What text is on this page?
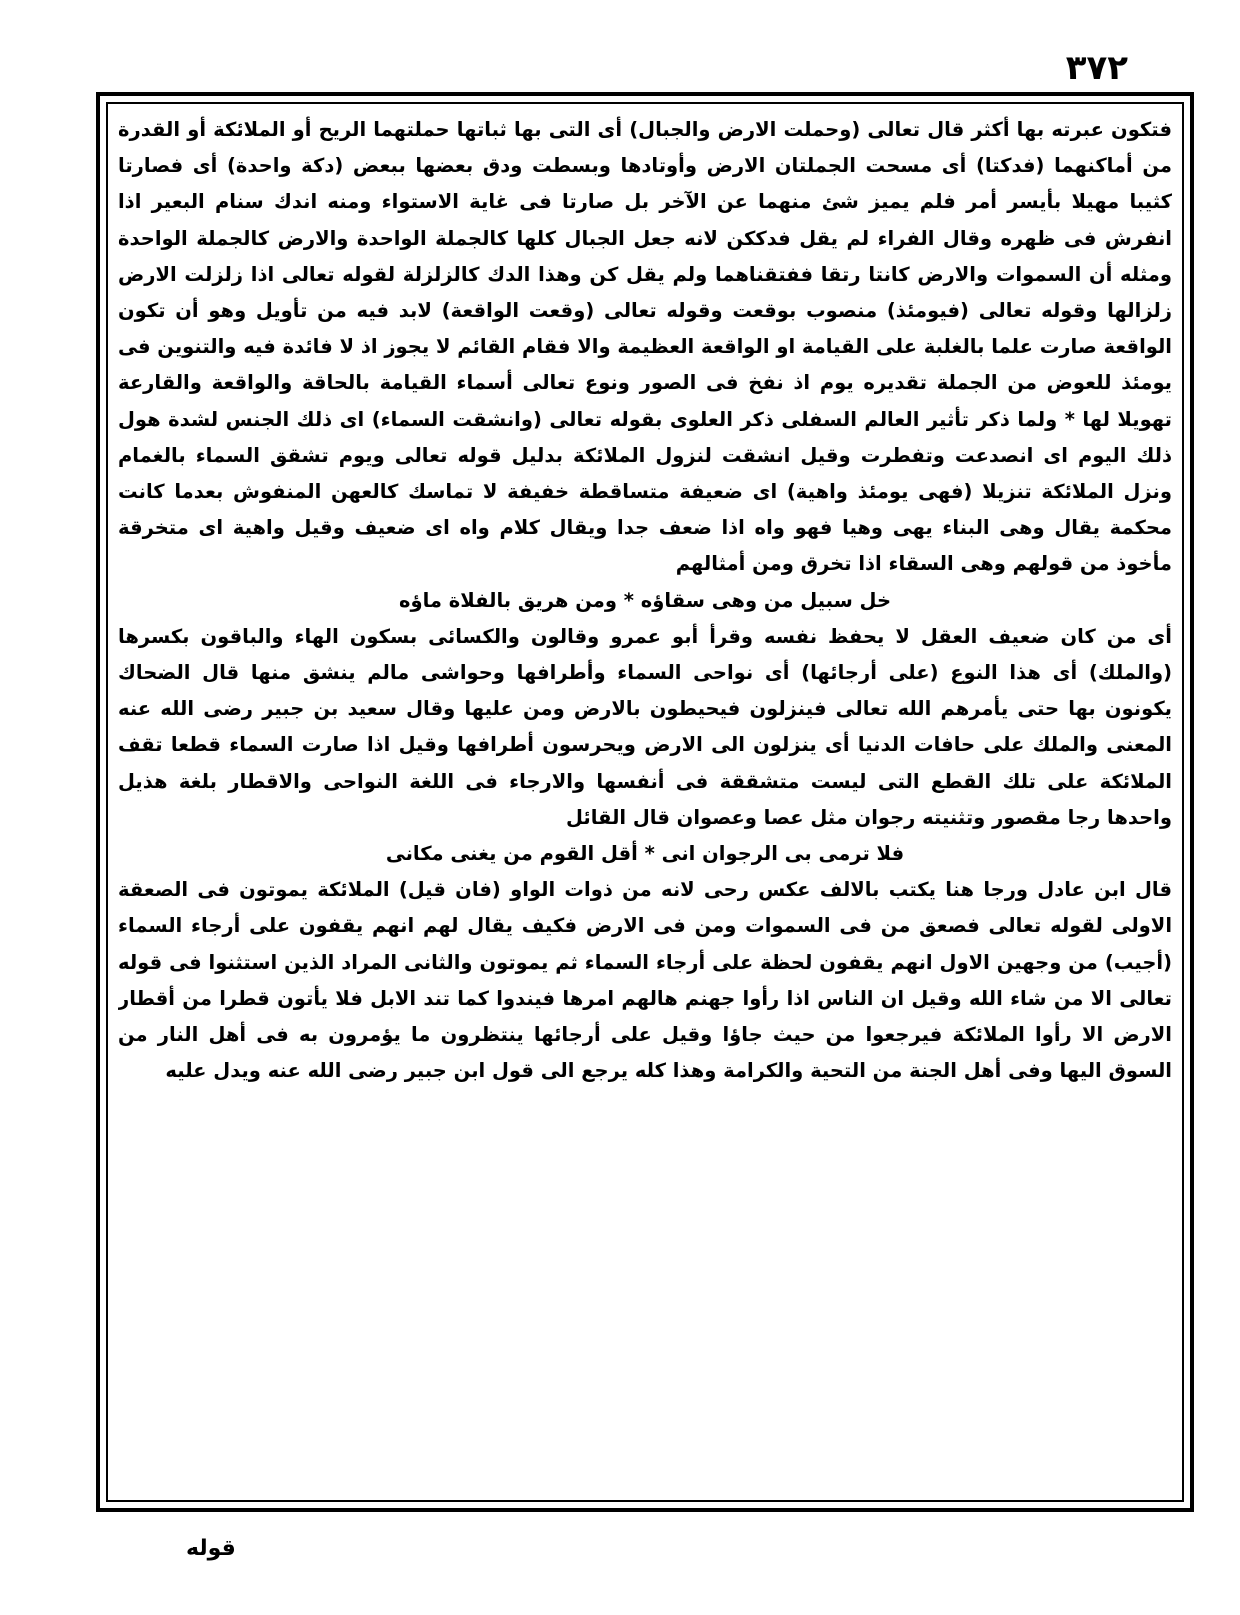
٣٧٢

فتكون عبرته بها أكثر قال تعالى (وحملت الارض والجبال) أى التى بها ثباتها حملتهما الريح أو الملائكة أو القدرة من أماكنهما (فدكتا) أى مسحت الجملتان الارض وأوتادها وبسطت ودق بعضها ببعض (دكة واحدة) أى فصارتا كثيبا مهيلا بأيسر أمر فلم يميز شئ منهما عن الآخر بل صارتا فى غاية الاستواء ومنه اندك سنام البعير اذا انفرش فى ظهره وقال الفراء لم يقل فدككن لانه جعل الجبال كلها كالجملة الواحدة والارض كالجملة الواحدة ومثله أن السموات والارض كانتا رتقا ففتقناهما ولم يقل كن وهذا الدك كالزلزلة لقوله تعالى اذا زلزلت الارض زلزالها وقوله تعالى (فيومئذ) منصوب بوقعت وقوله تعالى (وقعت الواقعة) لابد فيه من تأويل وهو أن تكون الواقعة صارت علما بالغلبة على القيامة او الواقعة العظيمة والا فقام القائم لا يجوز اذ لا فائدة فيه والتنوين فى يومئذ للعوض من الجملة تقديره يوم اذ نفخ فى الصور ونوع تعالى أسماء القيامة بالحاقة والواقعة والقارعة تهويلا لها * ولما ذكر تأثير العالم السفلى ذكر العلوى بقوله تعالى (وانشقت السماء) اى ذلك الجنس لشدة هول ذلك اليوم اى انصدعت وتفطرت وقيل انشقت لنزول الملائكة بدليل قوله تعالى ويوم تشقق السماء بالغمام ونزل الملائكة تنزيلا (فهى يومئذ واهية) اى ضعيفة متساقطة خفيفة لا تماسك كالعهن المنفوش بعدما كانت محكمة يقال وهى البناء يهى وهيا فهو واه اذا ضعف جدا ويقال كلام واه اى ضعيف وقيل واهية اى متخرقة مأخوذ من قولهم وهى السقاء اذا تخرق ومن أمثالهم

خل سبيل من وهى سقاؤه * ومن هريق بالفلاة ماؤه

أى من كان ضعيف العقل لا يحفظ نفسه وقرأ أبو عمرو وقالون والكسائى بسكون الهاء والباقون بكسرها (والملك) أى هذا النوع (على أرجائها) أى نواحى السماء وأطرافها وحواشى مالم ينشق منها قال الضحاك يكونون بها حتى يأمرهم الله تعالى فينزلون فيحيطون بالارض ومن عليها وقال سعيد بن جبير رضى الله عنه المعنى والملك على حافات الدنيا أى ينزلون الى الارض ويحرسون أطرافها وقيل اذا صارت السماء قطعا تقف الملائكة على تلك القطع التى ليست متشققة فى أنفسها والارجاء فى اللغة النواحى والاقطار بلغة هذيل واحدها رجا مقصور وتثنيته رجوان مثل عصا وعصوان قال القائل

فلا ترمى بى الرجوان انى * أقل القوم من يغنى مكانى

قال ابن عادل ورجا هنا يكتب بالالف عكس رحى لانه من ذوات الواو (فان قيل) الملائكة يموتون فى الصعقة الاولى لقوله تعالى فصعق من فى السموات ومن فى الارض فكيف يقال لهم انهم يقفون على أرجاء السماء (أجيب) من وجهين الاول انهم يقفون لحظة على أرجاء السماء ثم يموتون والثانى المراد الذين استثنوا فى قوله تعالى الا من شاء الله وقيل ان الناس اذا رأوا جهنم هالهم امرها فيندوا كما تند الابل فلا يأتون قطرا من أقطار الارض الا رأوا الملائكة فيرجعوا من حيث جاؤا وقيل على أرجائها ينتظرون ما يؤمرون به فى أهل النار من السوق اليها وفى أهل الجنة من التحية والكرامة وهذا كله يرجع الى قول ابن جبير رضى الله عنه ويدل عليه

قوله
